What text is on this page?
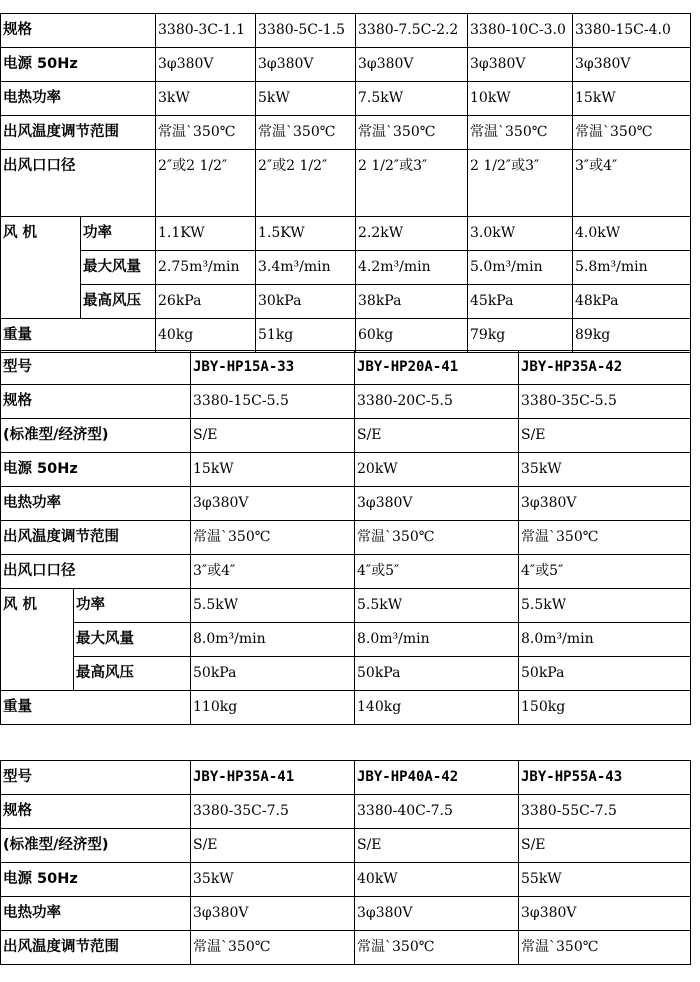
规格		3380-3C-1.1	3380-5C-1.5	3380-7.5C-2.2	3380-10C-3.0	3380-15C-4.0
电源 50Hz		3φ380V	3φ380V	3φ380V	3φ380V	3φ380V
电热功率		3kW	5kW	7.5kW	10kW	15kW
出风温度调节范围		常温`350℃	常温`350℃	常温`350℃	常温`350℃	常温`350℃
出风口口径		2″或2 1/2″	2″或2 1/2″	2 1/2″或3″	2 1/2″或3″	3″或4″
风 机	功率	1.1KW	1.5KW	2.2kW	3.0kW	4.0kW
	最大风量	2.75m³/min	3.4m³/min	4.2m³/min	5.0m³/min	5.8m³/min
	最高风压	26kPa	30kPa	38kPa	45kPa	48kPa
重量		40kg	51kg	60kg	79kg	89kg
型号		JBY-HP15A-33	JBY-HP20A-41	JBY-HP35A-42
规格		3380-15C-5.5	3380-20C-5.5	3380-35C-5.5
(标准型/经济型)		S/E	S/E	S/E
电源 50Hz		15kW	20kW	35kW
电热功率		3φ380V	3φ380V	3φ380V
出风温度调节范围		常温`350℃	常温`350℃	常温`350℃
出风口口径		3″或4″	4″或5″	4″或5″
风 机	功率	5.5kW	5.5kW	5.5kW
	最大风量	8.0m³/min	8.0m³/min	8.0m³/min
	最高风压	50kPa	50kPa	50kPa
重量		110kg	140kg	150kg
型号	JBY-HP35A-41	JBY-HP40A-42	JBY-HP55A-43
规格	3380-35C-7.5	3380-40C-7.5	3380-55C-7.5
(标准型/经济型)	S/E	S/E	S/E
电源 50Hz	35kW	40kW	55kW
电热功率	3φ380V	3φ380V	3φ380V
出风温度调节范围	常温`350℃	常温`350℃	常温`350℃
